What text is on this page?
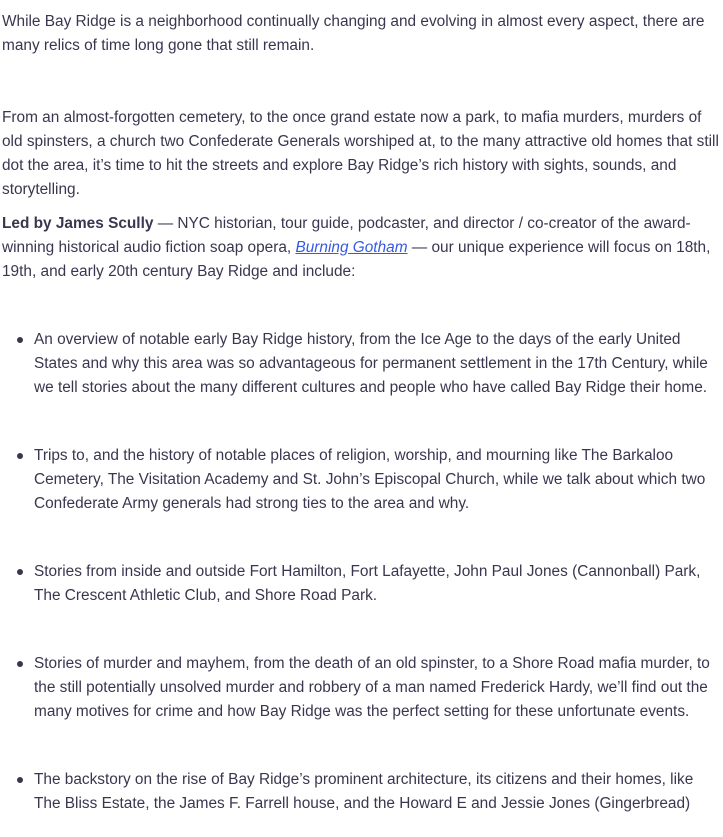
While Bay Ridge is a neighborhood continually changing and evolving in almost every aspect, there are many relics of time long gone that still remain.

From an almost-forgotten cemetery, to the once grand estate now a park, to mafia murders, murders of old spinsters, a church two Confederate Generals worshiped at, to the many attractive old homes that still dot the area, it’s time to hit the streets and explore Bay Ridge’s rich history with sights, sounds, and storytelling.

Led by James Scully — NYC historian, tour guide, podcaster, and director / co-creator of the award-winning historical audio fiction soap opera, Burning Gotham — our unique experience will focus on 18th, 19th, and early 20th century Bay Ridge and include:

An overview of notable early Bay Ridge history, from the Ice Age to the days of the early United States and why this area was so advantageous for permanent settlement in the 17th Century, while we tell stories about the many different cultures and people who have called Bay Ridge their home.
Trips to, and the history of notable places of religion, worship, and mourning like The Barkaloo Cemetery, The Visitation Academy and St. John’s Episcopal Church, while we talk about which two Confederate Army generals had strong ties to the area and why.
Stories from inside and outside Fort Hamilton, Fort Lafayette, John Paul Jones (Cannonball) Park, The Crescent Athletic Club, and Shore Road Park.
Stories of murder and mayhem, from the death of an old spinster, to a Shore Road mafia murder, to the still potentially unsolved murder and robbery of a man named Frederick Hardy, we’ll find out the many motives for crime and how Bay Ridge was the perfect setting for these unfortunate events.
The backstory on the rise of Bay Ridge’s prominent architecture, its citizens and their homes, like The Bliss Estate, the James F. Farrell house, and the Howard E and Jessie Jones (Gingerbread)
